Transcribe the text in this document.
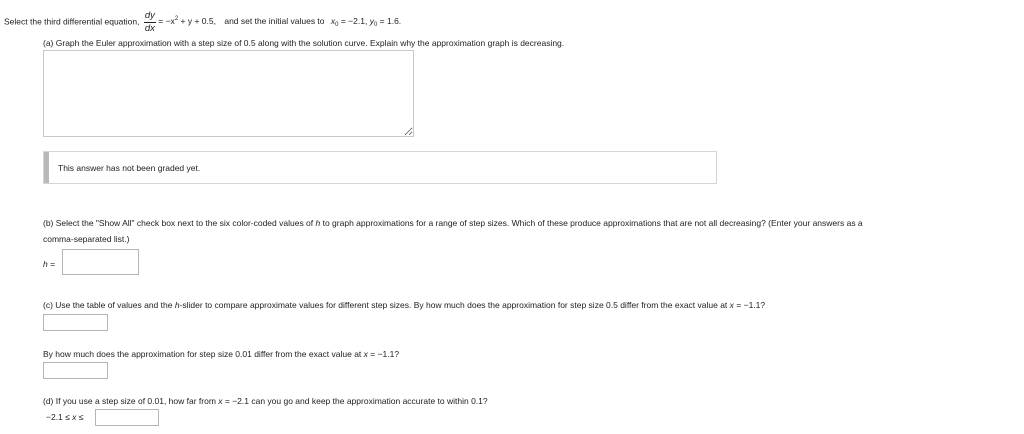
Select the third differential equation, $\frac{dy}{dx} = -x^2 + y + 0.5$, and set the initial values to $x_0 = -2.1$, $y_0 = 1.6$.
(a) Graph the Euler approximation with a step size of 0.5 along with the solution curve. Explain why the approximation graph is decreasing.
This answer has not been graded yet.
(b) Select the "Show All" check box next to the six color-coded values of h to graph approximations for a range of step sizes. Which of these produce approximations that are not all decreasing? (Enter your answers as a
comma-separated list.)
h =
(c) Use the table of values and the h-slider to compare approximate values for different step sizes. By how much does the approximation for step size 0.5 differ from the exact value at x = −1.1?
By how much does the approximation for step size 0.01 differ from the exact value at x = −1.1?
(d) If you use a step size of 0.01, how far from x = −2.1 can you go and keep the approximation accurate to within 0.1?
−2.1 ≤ x ≤
